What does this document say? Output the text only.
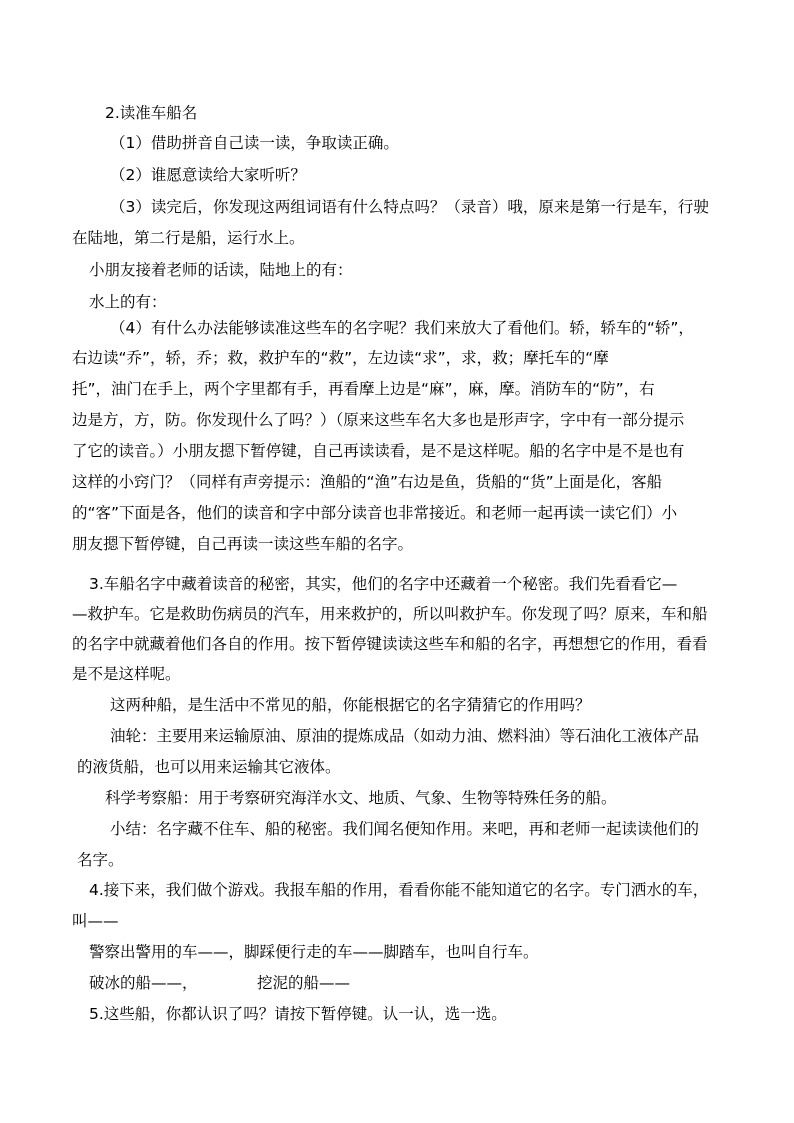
2.读准车船名

（1）借助拼音自己读一读，争取读正确。

（2）谁愿意读给大家听听？

（3）读完后，你发现这两组词语有什么特点吗？（录音）哦，原来是第一行是车，行驶

在陆地，第二行是船，运行水上。

小朋友接着老师的话读，陆地上的有：

水上的有：

（4）有什么办法能够读准这些车的名字呢？我们来放大了看他们。轿，轿车的“轿”，

右边读“乔”，轿，乔；救，救护车的“救”，左边读“求”，求，救；摩托车的“摩

托”，油门在手上，两个字里都有手，再看摩上边是“麻”，麻，摩。消防车的“防”，右

边是方，方，防。你发现什么了吗？）（原来这些车名大多也是形声字，字中有一部分提示

了它的读音。）小朋友摁下暂停键，自己再读读看，是不是这样呢。船的名字中是不是也有

这样的小窍门？（同样有声旁提示：渔船的“渔”右边是鱼，货船的“货”上面是化，客船

的“客”下面是各，他们的读音和字中部分读音也非常接近。和老师一起再读一读它们）小

朋友摁下暂停键，自己再读一读这些车船的名字。

3.车船名字中藏着读音的秘密，其实，他们的名字中还藏着一个秘密。我们先看看它—

—救护车。它是救助伤病员的汽车，用来救护的，所以叫救护车。你发现了吗？原来，车和船

的名字中就藏着他们各自的作用。按下暂停键读读这些车和船的名字，再想想它的作用，看看

是不是这样呢。

这两种船，是生活中不常见的船，你能根据它的名字猜猜它的作用吗？

油轮：主要用来运输原油、原油的提炼成品（如动力油、燃料油）等石油化工液体产品

的液货船，也可以用来运输其它液体。

科学考察船：用于考察研究海洋水文、地质、气象、生物等特殊任务的船。

小结：名字藏不住车、船的秘密。我们闻名便知作用。来吧，再和老师一起读读他们的

名字。

4.接下来，我们做个游戏。我报车船的作用，看看你能不能知道它的名字。专门洒水的车，

叫——

警察出警用的车——，脚踩便行走的车——脚踏车，也叫自行车。

破冰的船——，	挖泥的船——

5.这些船，你都认识了吗？请按下暂停键。认一认，选一选。
